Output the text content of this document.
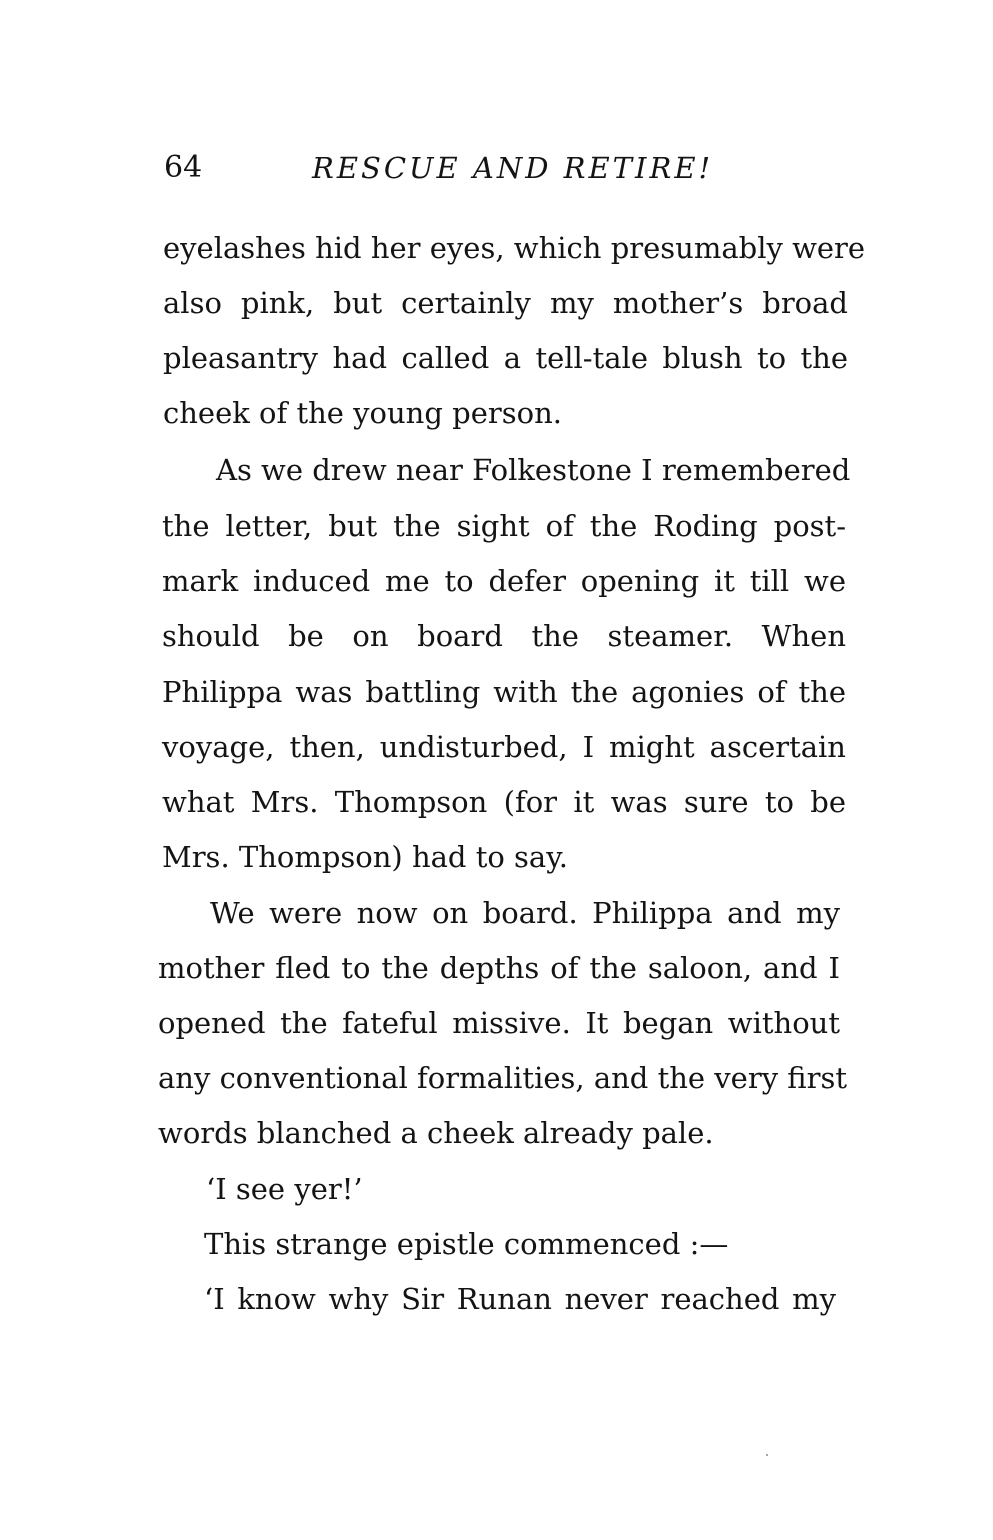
64	RESCUE AND RETIRE!
eyelashes hid her eyes, which presumably were
also pink, but certainly my mother’s broad
pleasantry had called a tell-tale blush to the
cheek of the young person.
As we drew near Folkestone I remembered
the letter, but the sight of the Roding post-
mark induced me to defer opening it till we
should be on board the steamer. When
Philippa was battling with the agonies of the
voyage, then, undisturbed, I might ascertain
what Mrs. Thompson (for it was sure to be
Mrs. Thompson) had to say.
We were now on board. Philippa and my
mother fled to the depths of the saloon, and I
opened the fateful missive. It began without
any conventional formalities, and the very first
words blanched a cheek already pale.
‘I see yer!’
This strange epistle commenced :—
‘I know why Sir Runan never reached my
